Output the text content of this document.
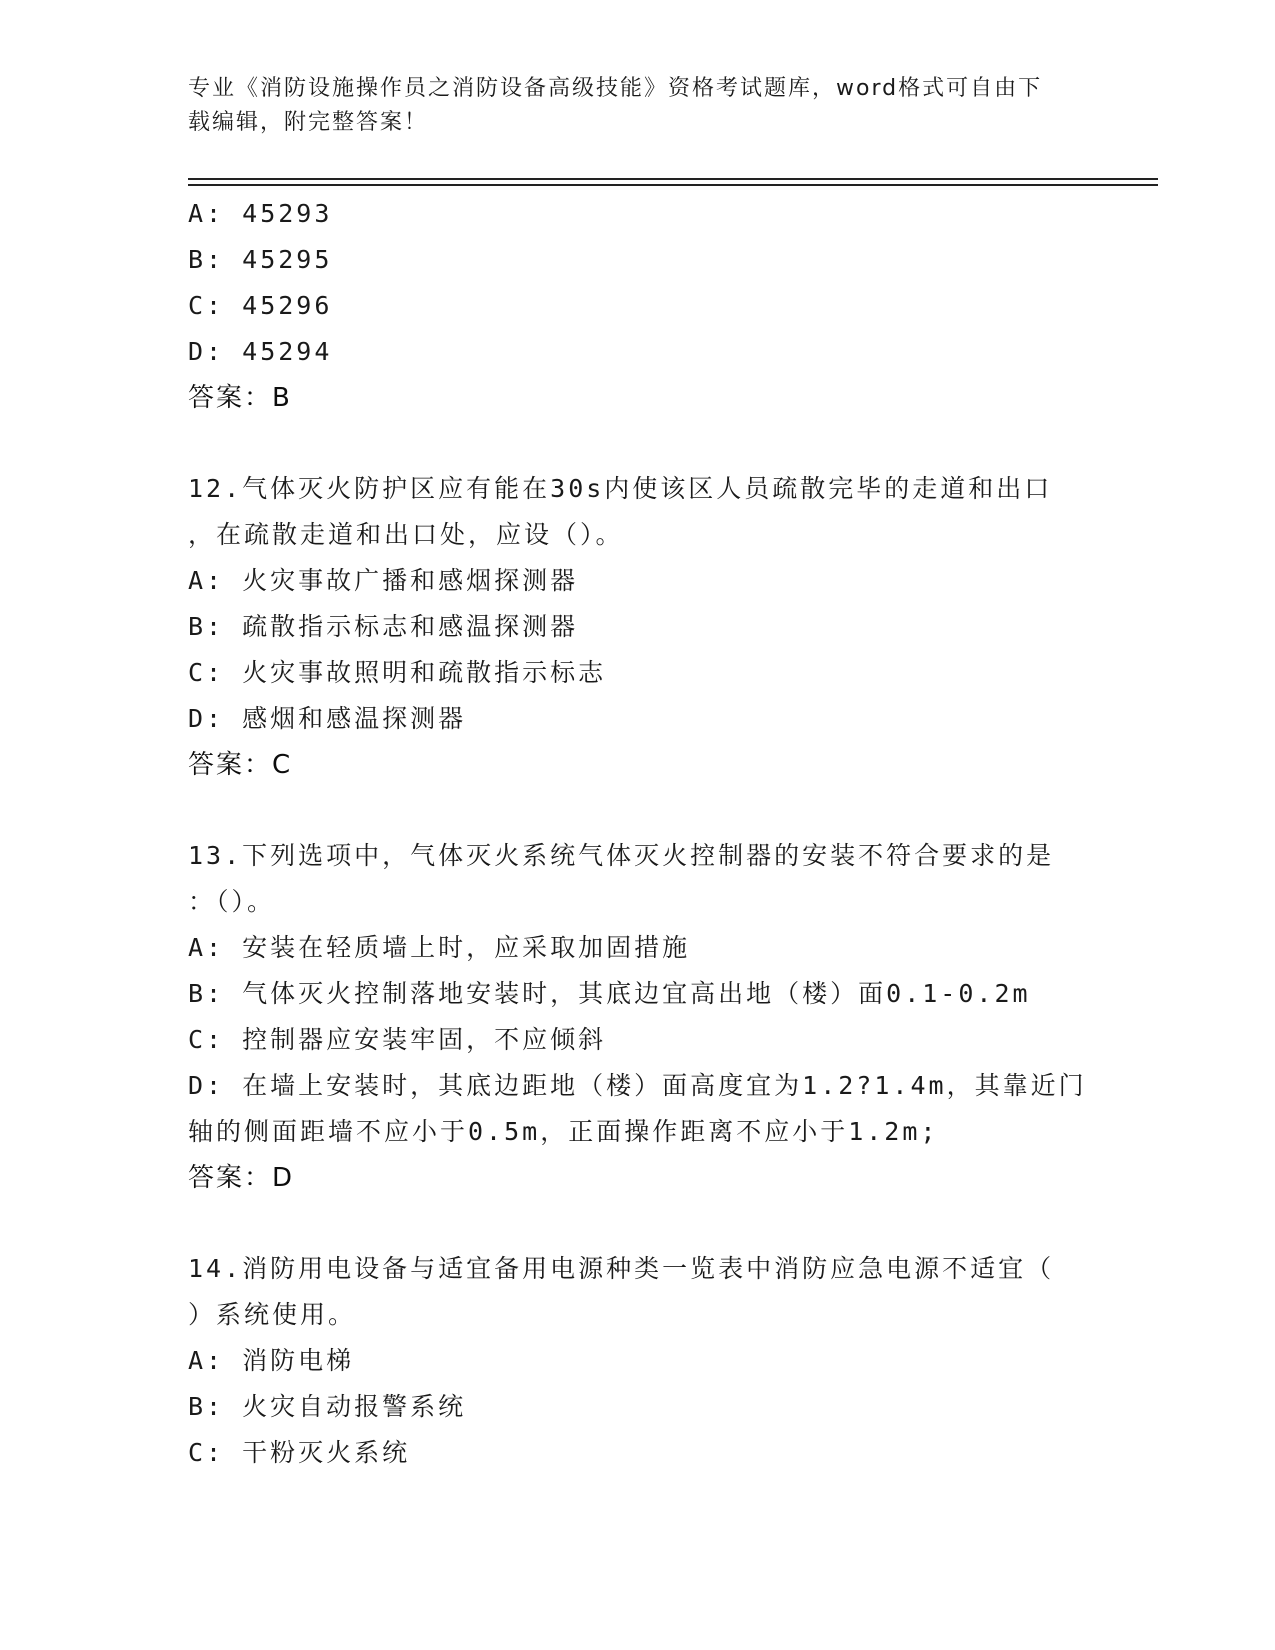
专业《消防设施操作员之消防设备高级技能》资格考试题库，word格式可自由下
载编辑，附完整答案！
A: 45293
B: 45295
C: 45296
D: 45294
答案：B
12.气体灭火防护区应有能在30s内使该区人员疏散完毕的走道和出口
，在疏散走道和出口处，应设（）。
A: 火灾事故广播和感烟探测器
B: 疏散指示标志和感温探测器
C: 火灾事故照明和疏散指示标志
D: 感烟和感温探测器
答案：C
13.下列选项中，气体灭火系统气体灭火控制器的安装不符合要求的是
：（）。
A: 安装在轻质墙上时，应采取加固措施
B: 气体灭火控制落地安装时，其底边宜高出地（楼）面0.1-0.2m
C: 控制器应安装牢固，不应倾斜
D: 在墙上安装时，其底边距地（楼）面高度宜为1.2?1.4m，其靠近门
轴的侧面距墙不应小于0.5m，正面操作距离不应小于1.2m;
答案：D
14.消防用电设备与适宜备用电源种类一览表中消防应急电源不适宜（
）系统使用。
A: 消防电梯
B: 火灾自动报警系统
C: 干粉灭火系统
